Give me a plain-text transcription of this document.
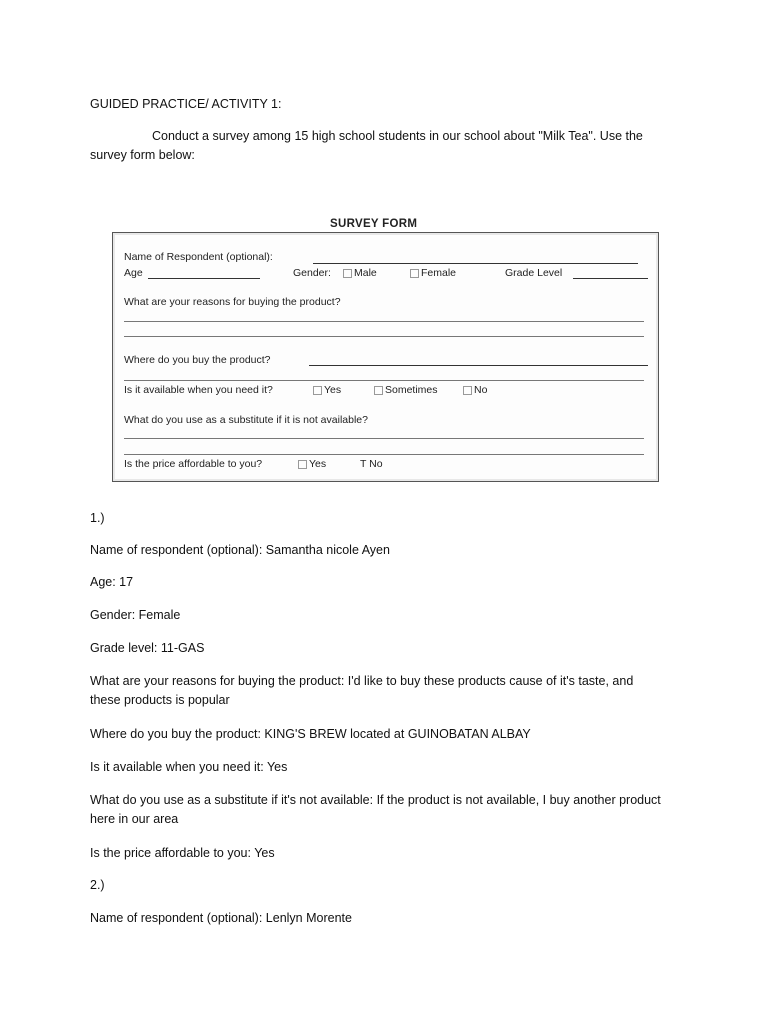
GUIDED PRACTICE/ ACTIVITY 1:
Conduct a survey among 15 high school students in our school about "Milk Tea". Use the
survey form below:
SURVEY FORM
Name of Respondent (optional):
Age	Gender:	Male	Female	Grade Level
What are your reasons for buying the product?
Where do you buy the product?
Is it available when you need it?	Yes	Sometimes	No
What do you use as a substitute if it is not available?
Is the price affordable to you?	Yes	T No
1.)
Name of respondent (optional): Samantha nicole Ayen
Age: 17
Gender: Female
Grade level: 11-GAS
What are your reasons for buying the product: I'd like to buy these products cause of it's taste, and
these products is popular
Where do you buy the product: KING'S BREW located at GUINOBATAN ALBAY
Is it available when you need it: Yes
What do you use as a substitute if it's not available: If the product is not available, I buy another product
here in our area
Is the price affordable to you: Yes
2.)
Name of respondent (optional): Lenlyn Morente
